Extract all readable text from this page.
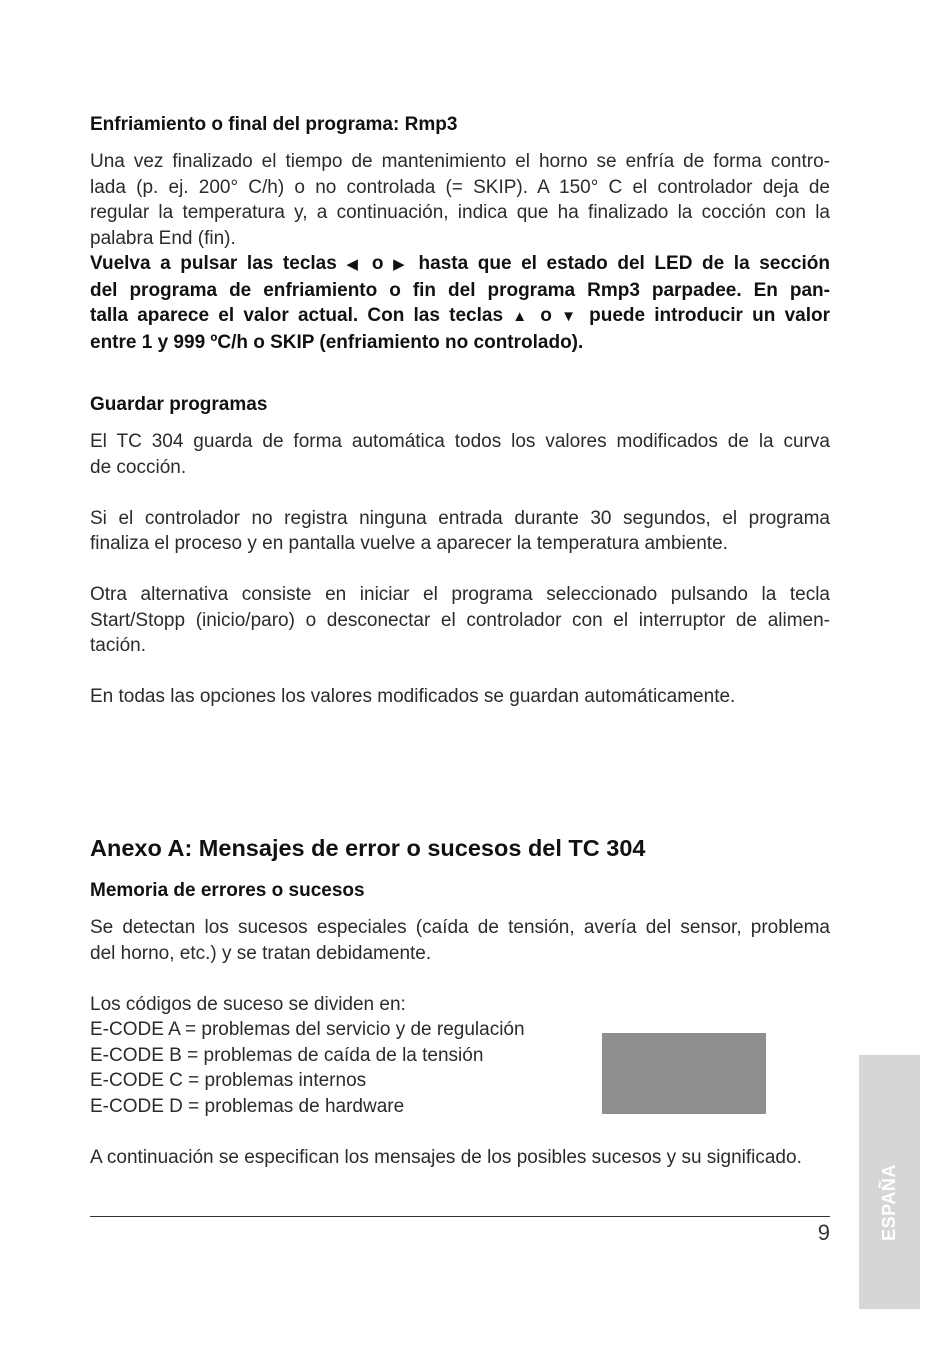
Enfriamiento o final del programa: Rmp3

Una vez finalizado el tiempo de mantenimiento el horno se enfría de forma contro-
lada (p. ej. 200° C/h) o no controlada (= SKIP). A 150° C el controlador deja de
regular la temperatura y, a continuación, indica que ha finalizado la cocción con la
palabra End (fin).
Vuelva a pulsar las teclas ◀ o ▶ hasta que el estado del LED de la sección
del programa de enfriamiento o fin del programa Rmp3 parpadee. En pan-
talla aparece el valor actual. Con las teclas ▲ o ▼ puede introducir un valor
entre 1 y 999 ºC/h o SKIP (enfriamiento no controlado).

Guardar programas

El TC 304 guarda de forma automática todos los valores modificados de la curva
de cocción.
Si el controlador no registra ninguna entrada durante 30 segundos, el programa
finaliza el proceso y en pantalla vuelve a aparecer la temperatura ambiente.
Otra alternativa consiste en iniciar el programa seleccionado pulsando la tecla
Start/Stopp (inicio/paro) o desconectar el controlador con el interruptor de alimen-
tación.
En todas las opciones los valores modificados se guardan automáticamente.

Anexo A: Mensajes de error o sucesos del TC 304

Memoria de errores o sucesos

Se detectan los sucesos especiales (caída de tensión, avería del sensor, problema
del horno, etc.) y se tratan debidamente.
Los códigos de suceso se dividen en:
E-CODE A = problemas del servicio y de regulación
E-CODE B = problemas de caída de la tensión
E-CODE C = problemas internos
E-CODE D = problemas de hardware
A continuación se especifican los mensajes de los posibles sucesos y su significado.
9	ESPAÑA
